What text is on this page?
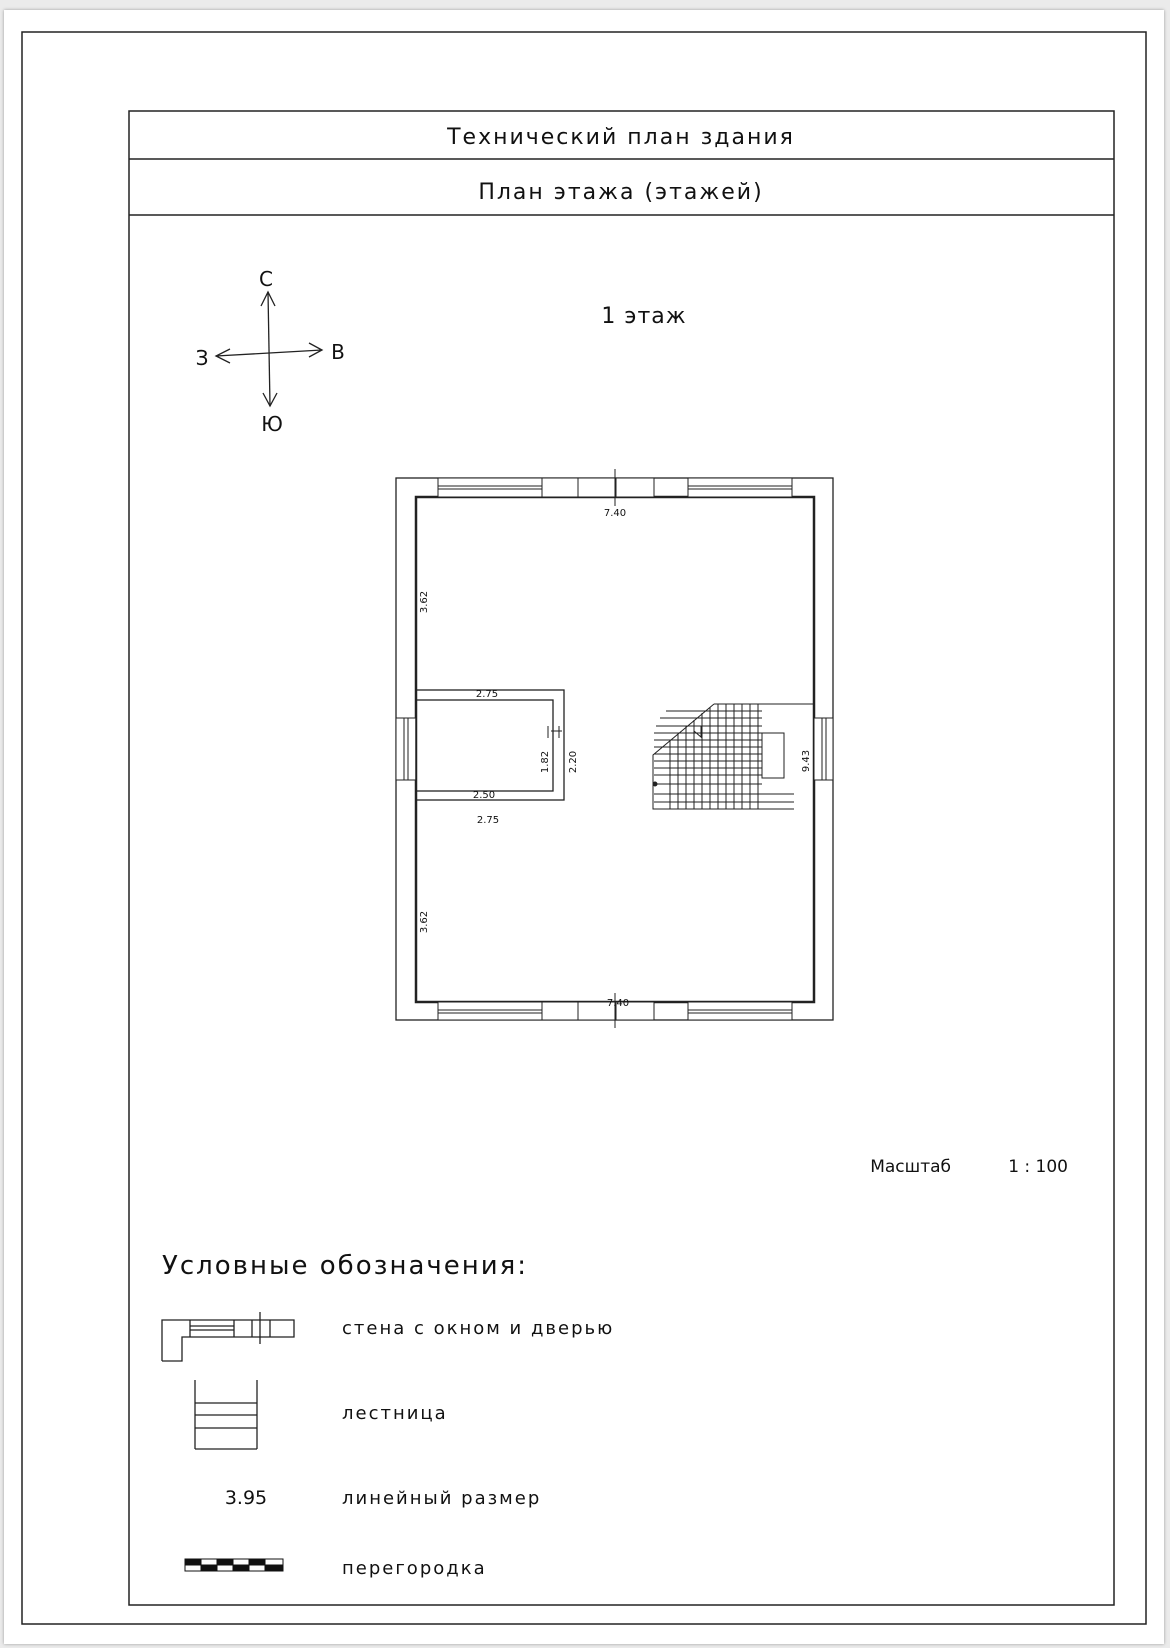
Технический план здания
План этажа (этажей)
С
Ю
З	В
1 этаж
7.40
7.40
3.62
3.62
2.75
2.50
2.75
1.82 2.20	9.43
Масштаб	1 : 100
Условные обозначения:
стена с окном и дверью
лестница
3.95	линейный размер
перегородка
